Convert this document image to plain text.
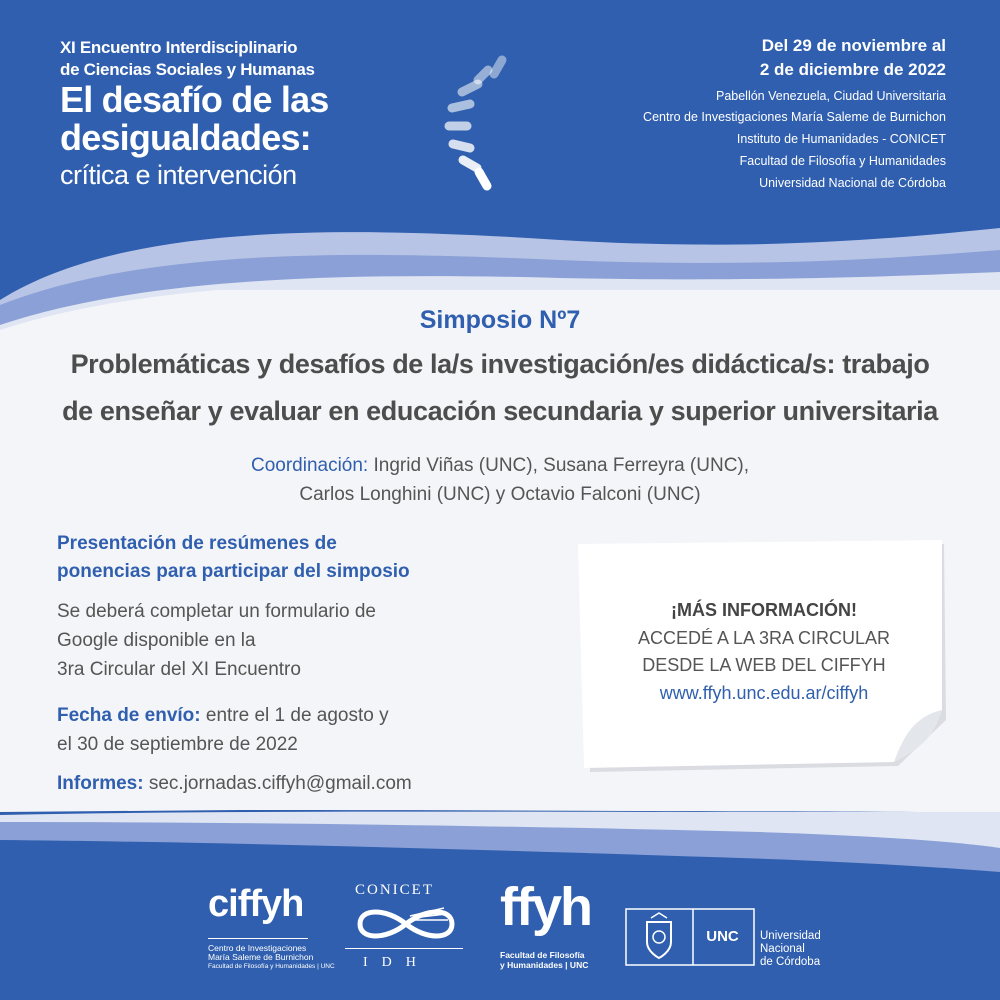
XI Encuentro Interdisciplinario
de Ciencias Sociales y Humanas
El desafío de las
desigualdades:
crítica e intervención
Del 29 de noviembre al
2 de diciembre de 2022
Pabellón Venezuela, Ciudad Universitaria
Centro de Investigaciones María Saleme de Burnichon
Instituto de Humanidades - CONICET
Facultad de Filosofía y Humanidades
Universidad Nacional de Córdoba
Simposio Nº7
Problemáticas y desafíos de la/s investigación/es didáctica/s: trabajo
de enseñar y evaluar en educación secundaria y superior universitaria
Coordinación: Ingrid Viñas (UNC), Susana Ferreyra (UNC),
Carlos Longhini (UNC) y Octavio Falconi (UNC)
Presentación de resúmenes de
ponencias para participar del simposio
Se deberá completar un formulario de
Google disponible en la
3ra Circular del XI Encuentro
Fecha de envío: entre el 1 de agosto y
el 30 de septiembre de 2022
Informes: sec.jornadas.ciffyh@gmail.com
¡MÁS INFORMACIÓN!
ACCEDÉ A LA 3RA CIRCULAR
DESDE LA WEB DEL CIFFYH
www.ffyh.unc.edu.ar/ciffyh
ciffyh
Centro de Investigaciones
María Saleme de Burnichon
Facultad de Filosofía y Humanidades | UNC
CONICET
IDH
ffyh
Facultad de Filosofía
y Humanidades | UNC
UNC	Universidad
Nacional
de Córdoba
